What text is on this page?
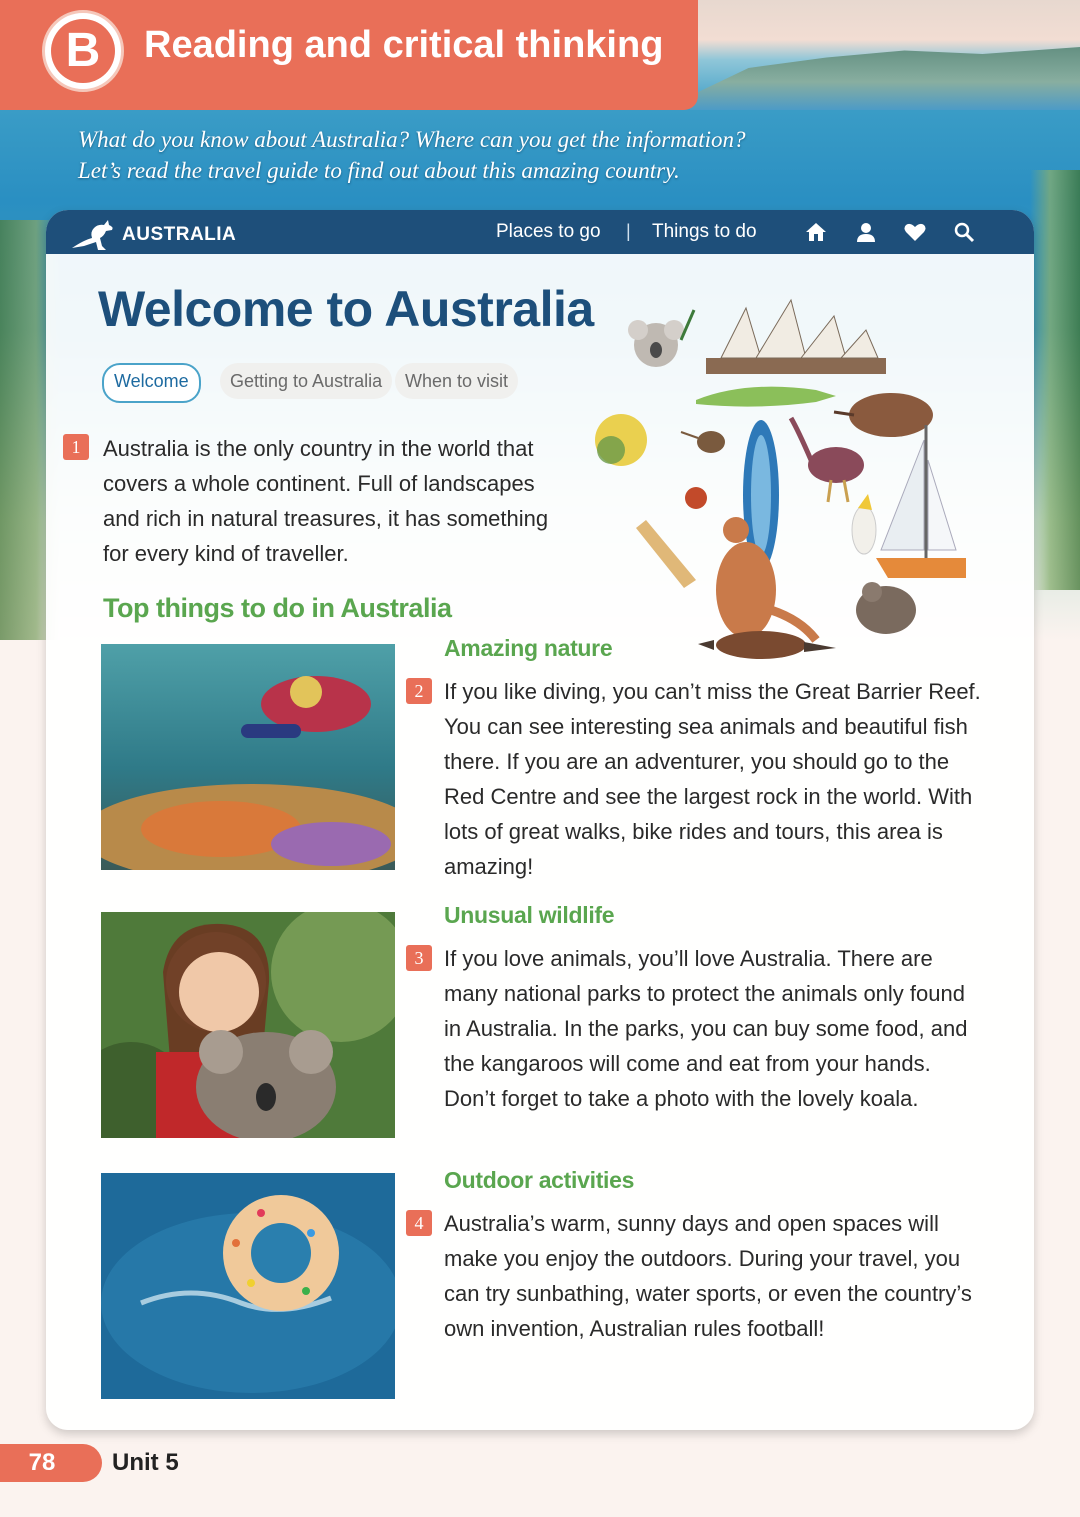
B	Reading and critical thinking
What do you know about Australia? Where can you get the information?
Let’s read the travel guide to find out about this amazing country.
AUSTRALIA	Places to go | Things to do
Welcome to Australia
Welcome	Getting to Australia	When to visit
1	Australia is the only country in the world that covers a whole continent. Full of landscapes and rich in natural treasures, it has something for every kind of traveller.
Top things to do in Australia
Amazing nature
2 If you like diving, you can’t miss the Great Barrier Reef. You can see interesting sea animals and beautiful fish there. If you are an adventurer, you should go to the Red Centre and see the largest rock in the world. With lots of great walks, bike rides and tours, this area is amazing!
Unusual wildlife
3 If you love animals, you’ll love Australia. There are many national parks to protect the animals only found in Australia. In the parks, you can buy some food, and the kangaroos will come and eat from your hands. Don’t forget to take a photo with the lovely koala.
Outdoor activities
4 Australia’s warm, sunny days and open spaces will make you enjoy the outdoors. During your travel, you can try sunbathing, water sports, or even the country’s own invention, Australian rules football!
78	Unit 5
